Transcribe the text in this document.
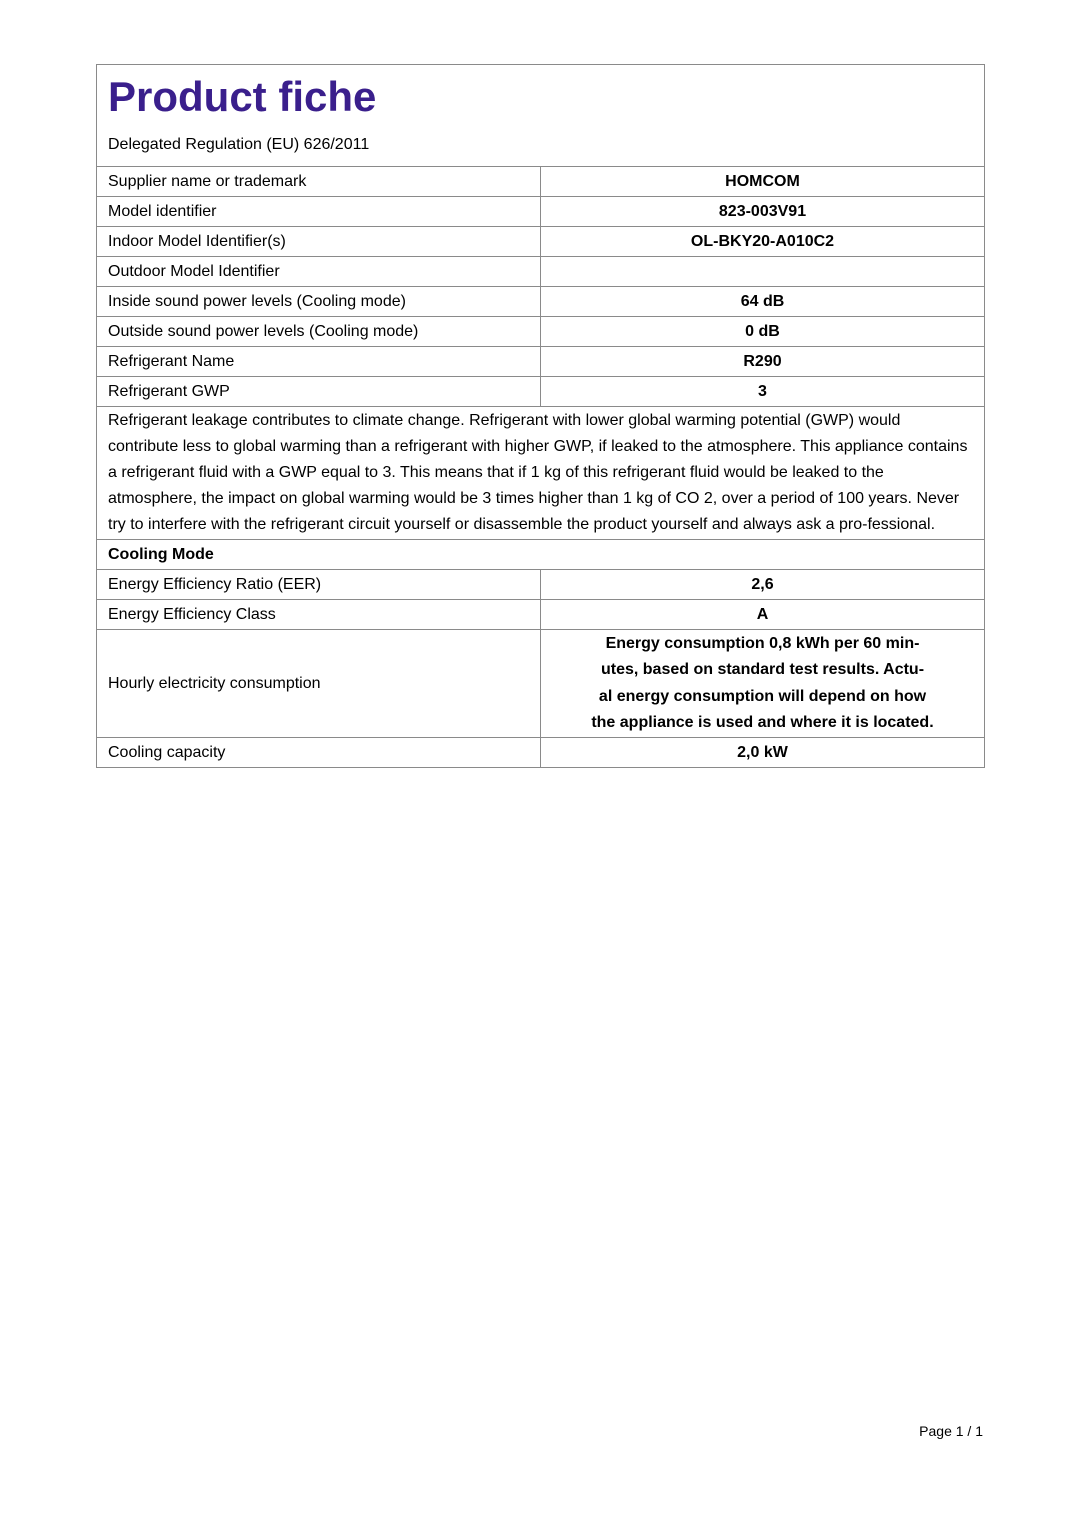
Product fiche
Delegated Regulation (EU) 626/2011	

Supplier name or trademark	HOMCOM
Model identifier	823-003V91
Indoor Model Identifier(s)	OL-BKY20-A010C2
Outdoor Model Identifier	
Inside sound power levels (Cooling mode)	64 dB
Outside sound power levels (Cooling mode)	0 dB
Refrigerant Name	R290
Refrigerant GWP	3
Refrigerant leakage contributes to climate change. Refrigerant with lower global warming potential (GWP) would contribute less to global warming than a refrigerant with higher GWP, if leaked to the atmosphere. This appliance contains a refrigerant fluid with a GWP equal to 3. This means that if 1 kg of this refrigerant fluid would be leaked to the atmosphere, the impact on global warming would be 3 times higher than 1 kg of CO 2, over a period of 100 years. Never try to interfere with the refrigerant circuit yourself or disassemble the product yourself and always ask a pro-fessional.	
Cooling Mode	
Energy Efficiency Ratio (EER)	2,6
Energy Efficiency Class	A
Hourly electricity consumption	Energy consumption 0,8 kWh per 60 min-
utes, based on standard test results. Actu-
al energy consumption will depend on how
the appliance is used and where it is located.

Cooling capacity	2,0 kW
Page 1 / 1
